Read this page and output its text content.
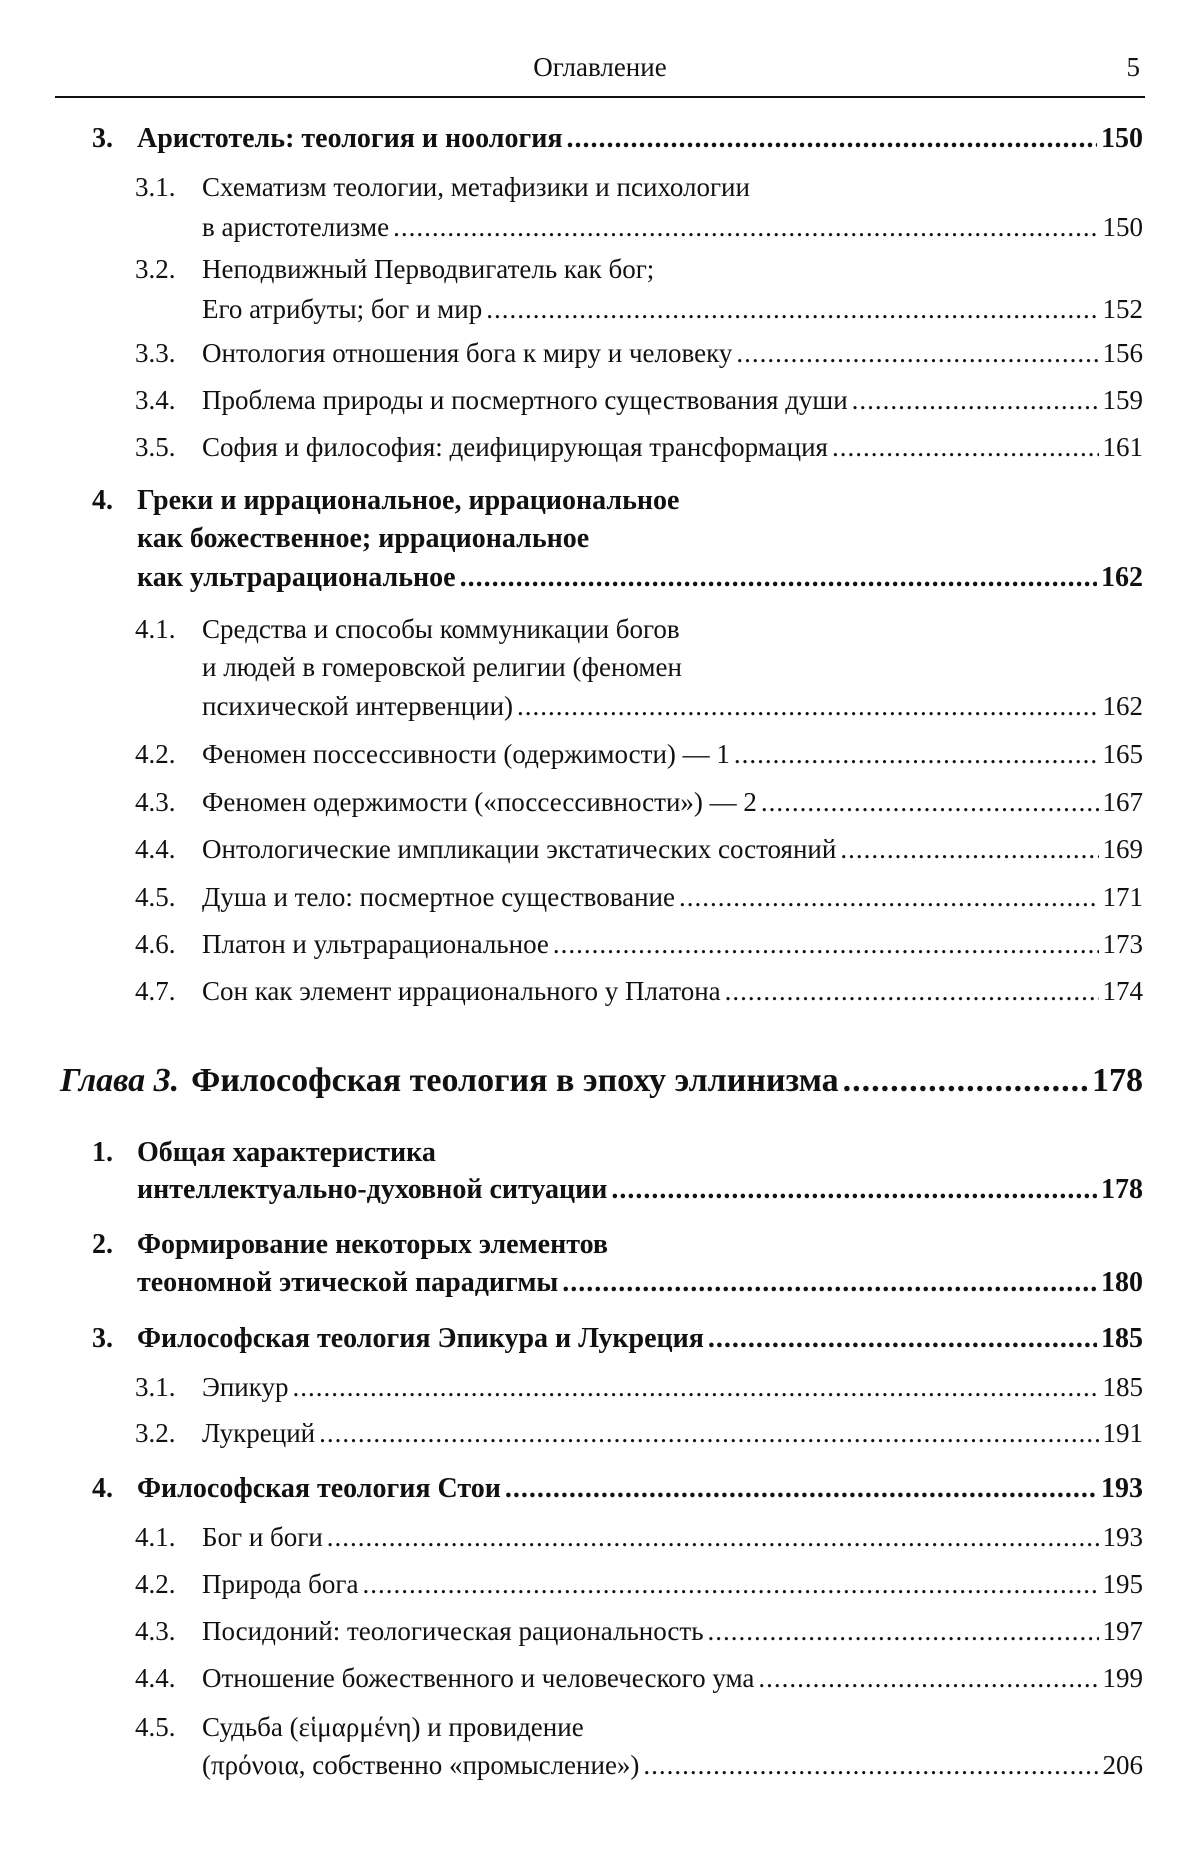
Оглавление	5
3. Аристотель: теология и ноология .....	150
3.1. Схематизм теологии, метафизики и психологии
в аристотелизме .....	150
3.2. Неподвижный Перводвигатель как бог;
Его атрибуты; бог и мир .....	152
3.3. Онтология отношения бога к миру и человеку .....	156
3.4. Проблема природы и посмертного существования души .....	159
3.5. София и философия: деифицирующая трансформация .....	161
4. Греки и иррациональное, иррациональное
как божественное; иррациональное
как ультрарациональное .....	162
4.1. Средства и способы коммуникации богов
и людей в гомеровской религии (феномен
психической интервенции) .....	162
4.2. Феномен поссессивности (одержимости) — 1 .....	165
4.3. Феномен одержимости («поссессивности») — 2 .....	167
4.4. Онтологические импликации экстатических состояний .....	169
4.5. Душа и тело: посмертное существование .....	171
4.6. Платон и ультрарациональное .....	173
4.7. Сон как элемент иррационального у Платона .....	174
Глава 3. Философская теология в эпоху эллинизма .....	178
1. Общая характеристика
интеллектуально-духовной ситуации .....	178
2. Формирование некоторых элементов
теономной этической парадигмы .....	180
3. Философская теология Эпикура и Лукреция .....	185
3.1. Эпикур .....	185
3.2. Лукреций .....	191
4. Философская теология Стои .....	193
4.1. Бог и боги .....	193
4.2. Природа бога .....	195
4.3. Посидоний: теологическая рациональность .....	197
4.4. Отношение божественного и человеческого ума .....	199
4.5. Судьба (εἱμαρμένη) и провидение
(πρόνοια, собственно «промысление») .....	206
